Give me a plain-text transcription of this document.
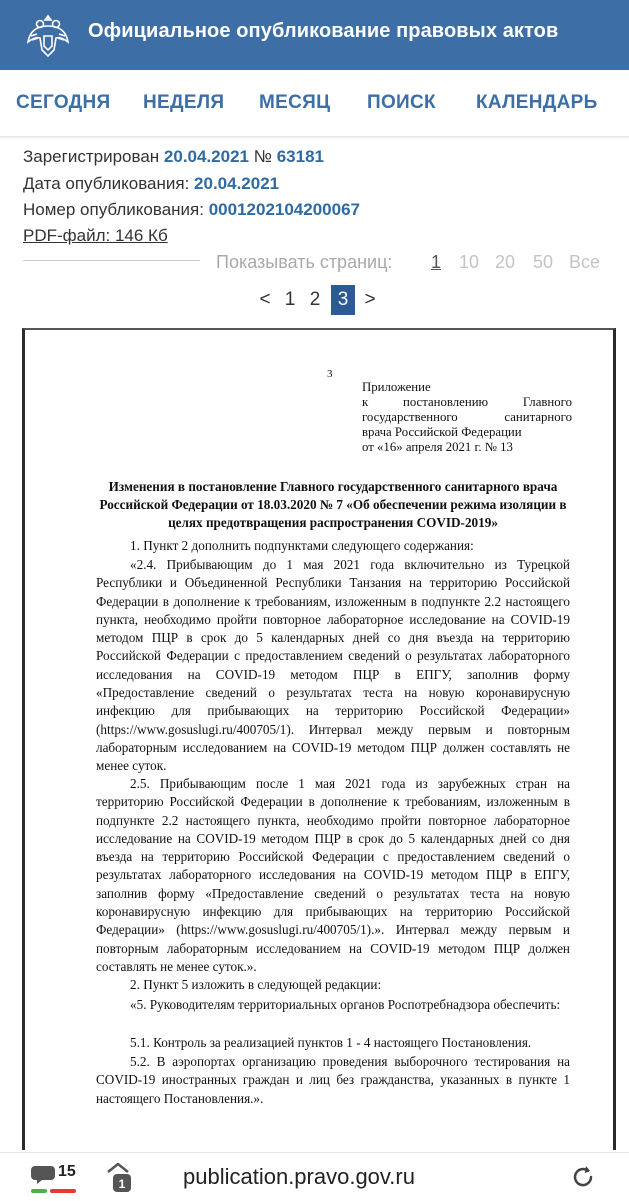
Официальное опубликование правовых актов
СЕГОДНЯ НЕДЕЛЯ МЕСЯЦ ПОИСК КАЛЕНДАРЬ
Зарегистрирован 20.04.2021 № 63181
Дата опубликования: 20.04.2021
Номер опубликования: 0001202104200067
PDF-файл: 146 Кб
Показывать страниц: 1 10 20 50 Все
< 1 2 3 >
3
Приложение
к постановлению Главного
государственного санитарного
врача Российской Федерации
от «16» апреля 2021 г. № 13
Изменения в постановление Главного государственного санитарного врача Российской Федерации от 18.03.2020 № 7 «Об обеспечении режима изоляции в целях предотвращения распространения COVID-2019»
1. Пункт 2 дополнить подпунктами следующего содержания:
«2.4. Прибывающим до 1 мая 2021 года включительно из Турецкой Республики и Объединенной Республики Танзания на территорию Российской Федерации в дополнение к требованиям, изложенным в подпункте 2.2 настоящего пункта, необходимо пройти повторное лабораторное исследование на COVID-19 методом ПЦР в срок до 5 календарных дней со дня въезда на территорию Российской Федерации с предоставлением сведений о результатах лабораторного исследования на COVID-19 методом ПЦР в ЕПГУ, заполнив форму «Предоставление сведений о результатах теста на новую коронавирусную инфекцию для прибывающих на территорию Российской Федерации» (https://www.gosuslugi.ru/400705/1). Интервал между первым и повторным лабораторным исследованием на COVID-19 методом ПЦР должен составлять не менее суток.
2.5. Прибывающим после 1 мая 2021 года из зарубежных стран на территорию Российской Федерации в дополнение к требованиям, изложенным в подпункте 2.2 настоящего пункта, необходимо пройти повторное лабораторное исследование на COVID-19 методом ПЦР в срок до 5 календарных дней со дня въезда на территорию Российской Федерации с предоставлением сведений о результатах лабораторного исследования на COVID-19 методом ПЦР в ЕПГУ, заполнив форму «Предоставление сведений о результатах теста на новую коронавирусную инфекцию для прибывающих на территорию Российской Федерации» (https://www.gosuslugi.ru/400705/1).». Интервал между первым и повторным лабораторным исследованием на COVID-19 методом ПЦР должен составлять не менее суток.».
2. Пункт 5 изложить в следующей редакции:
«5. Руководителям территориальных органов Роспотребнадзора обеспечить:
5.1. Контроль за реализацией пунктов 1 - 4 настоящего Постановления.
5.2. В аэропортах организацию проведения выборочного тестирования на COVID-19 иностранных граждан и лиц без гражданства, указанных в пункте 1 настоящего Постановления.».
15
1	publication.pravo.gov.ru
